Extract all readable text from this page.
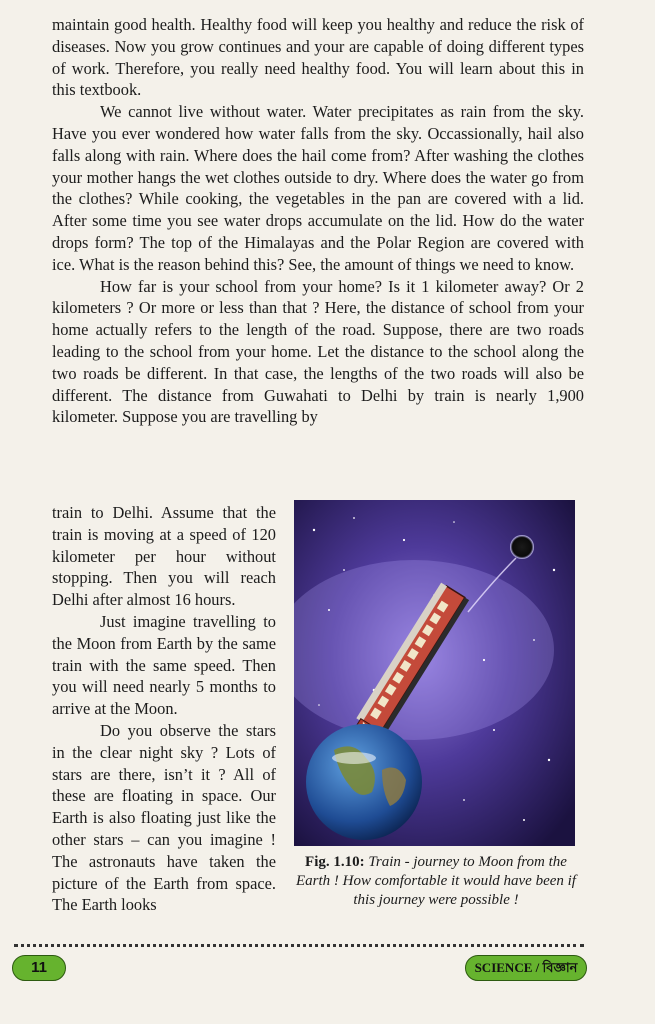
maintain good health. Healthy food will keep you healthy and reduce the risk of diseases. Now you grow continues and your are capable of doing different types of work. Therefore, you really need healthy food. You will learn about this in this textbook.

We cannot live without water. Water precipitates as rain from the sky. Have you ever wondered how water falls from the sky. Occassionally, hail also falls along with rain. Where does the hail come from? After washing the clothes your mother hangs the wet clothes outside to dry. Where does the water go from the clothes? While cooking, the vegetables in the pan are covered with a lid. After some time you see water drops accumulate on the lid. How do the water drops form? The top of the Himalayas and the Polar Region are covered with ice. What is the reason behind this? See, the amount of things we need to know.

How far is your school from your home? Is it 1 kilometer away? Or 2 kilometers ? Or more or less than that ? Here, the distance of school from your home actually refers to the length of the road. Suppose, there are two roads leading to the school from your home. Let the distance to the school along the two roads be different. In that case, the lengths of the two roads will also be different. The distance from Guwahati to Delhi by train is nearly 1,900 kilometer. Suppose you are travelling by

train to Delhi. Assume that the train is moving at a speed of 120 kilometer per hour without stopping. Then you will reach Delhi after almost 16 hours.

Just imagine travelling to the Moon from Earth by the same train with the same speed. Then you will need nearly 5 months to arrive at the Moon.

Do you observe the stars in the clear night sky ? Lots of stars are there, isn’t it ? All of these are floating in space. Our Earth is also floating just like the other stars – can you imagine ! The astronauts have taken the picture of the Earth from space. The Earth looks

Fig. 1.10: Train - journey to Moon from the Earth ! How comfortable it would have been if this journey were possible !
11	SCIENCE / বিজ্ঞান
